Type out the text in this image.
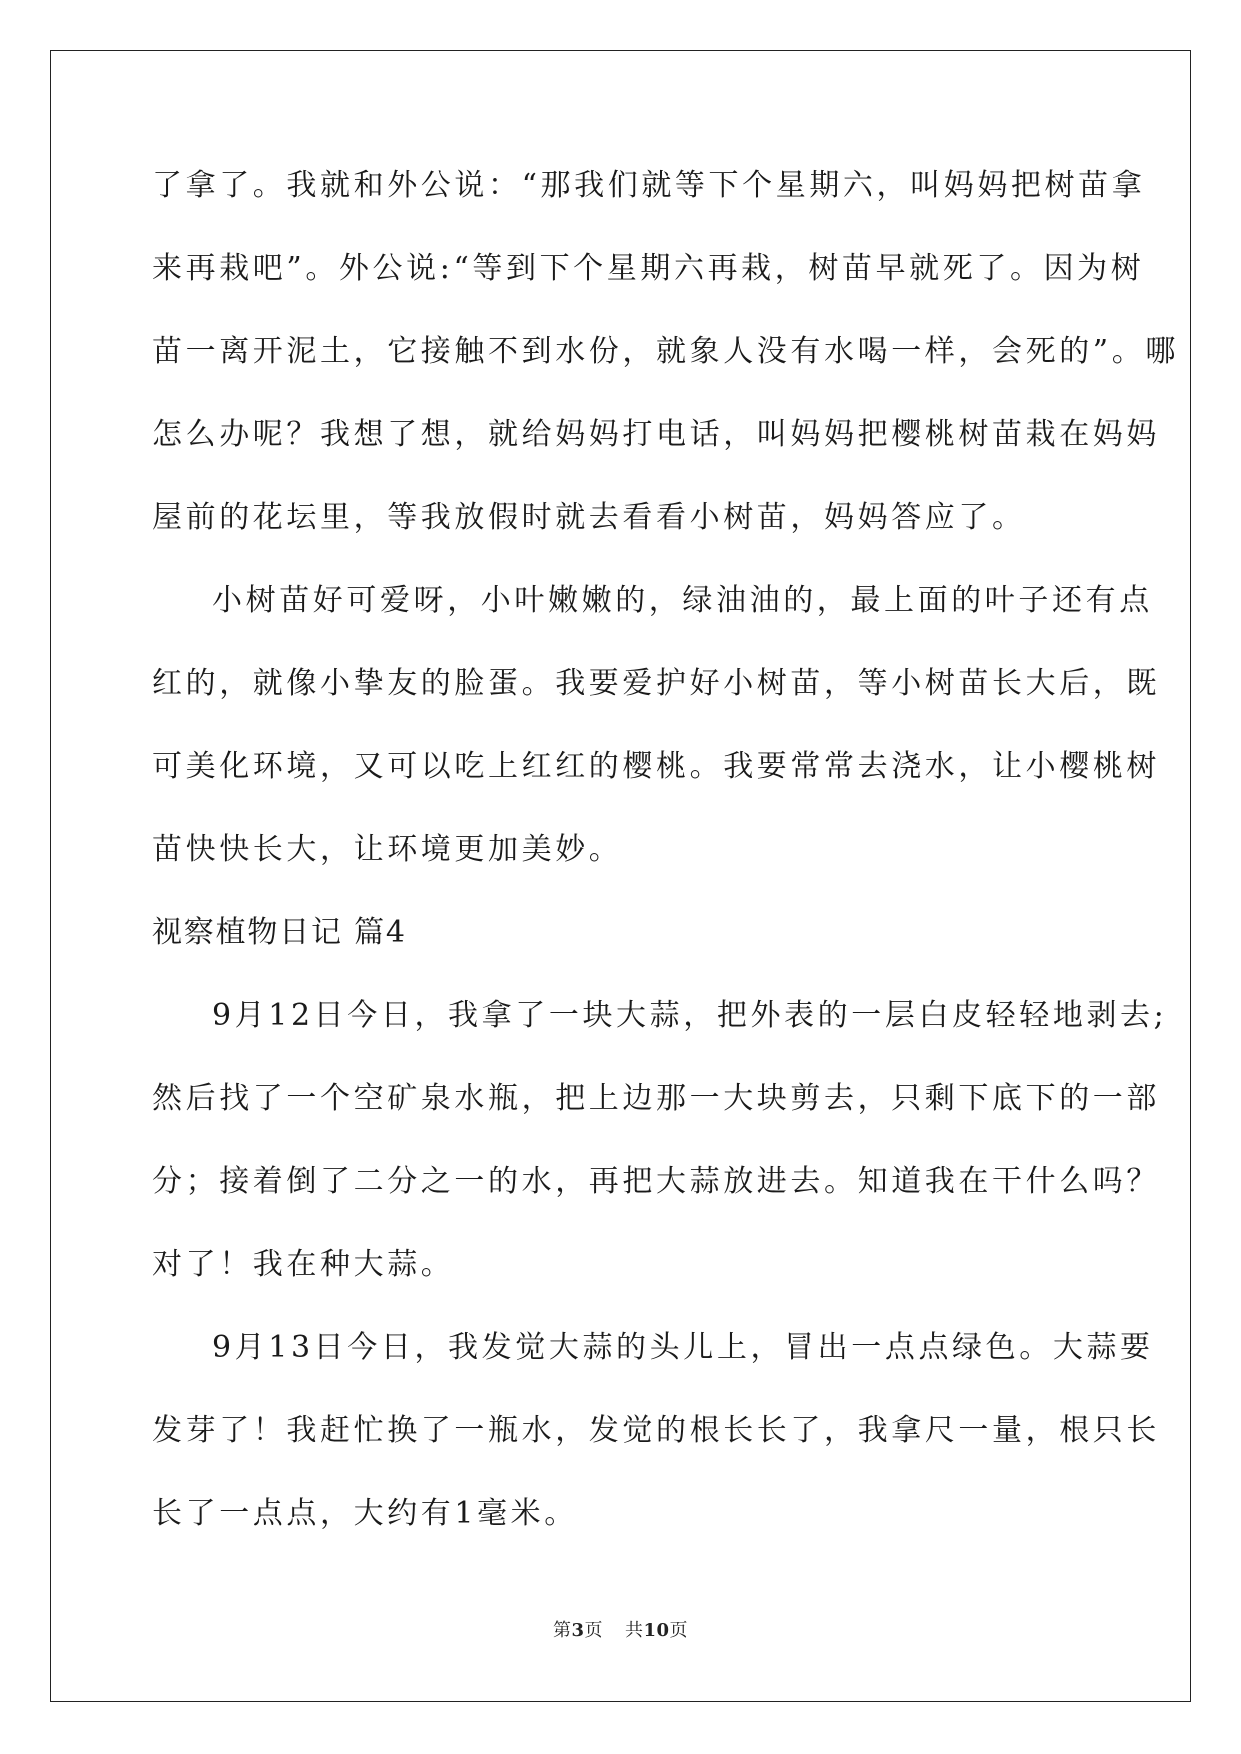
了拿了。我就和外公说：“那我们就等下个星期六，叫妈妈把树苗拿
来再栽吧”。外公说:“等到下个星期六再栽，树苗早就死了。因为树
苗一离开泥土，它接触不到水份，就象人没有水喝一样，会死的”。哪
怎么办呢？我想了想，就给妈妈打电话，叫妈妈把樱桃树苗栽在妈妈
屋前的花坛里，等我放假时就去看看小树苗，妈妈答应了。
小树苗好可爱呀，小叶嫩嫩的，绿油油的，最上面的叶子还有点
红的，就像小挚友的脸蛋。我要爱护好小树苗，等小树苗长大后，既
可美化环境，又可以吃上红红的樱桃。我要常常去浇水，让小樱桃树
苗快快长大，让环境更加美妙。
视察植物日记 篇4
9月12日今日，我拿了一块大蒜，把外表的一层白皮轻轻地剥去;
然后找了一个空矿泉水瓶，把上边那一大块剪去，只剩下底下的一部
分；接着倒了二分之一的水，再把大蒜放进去。知道我在干什么吗？
对了！我在种大蒜。
9月13日今日，我发觉大蒜的头儿上，冒出一点点绿色。大蒜要
发芽了！我赶忙换了一瓶水，发觉的根长长了，我拿尺一量，根只长
长了一点点，大约有1毫米。
第3页 共10页
